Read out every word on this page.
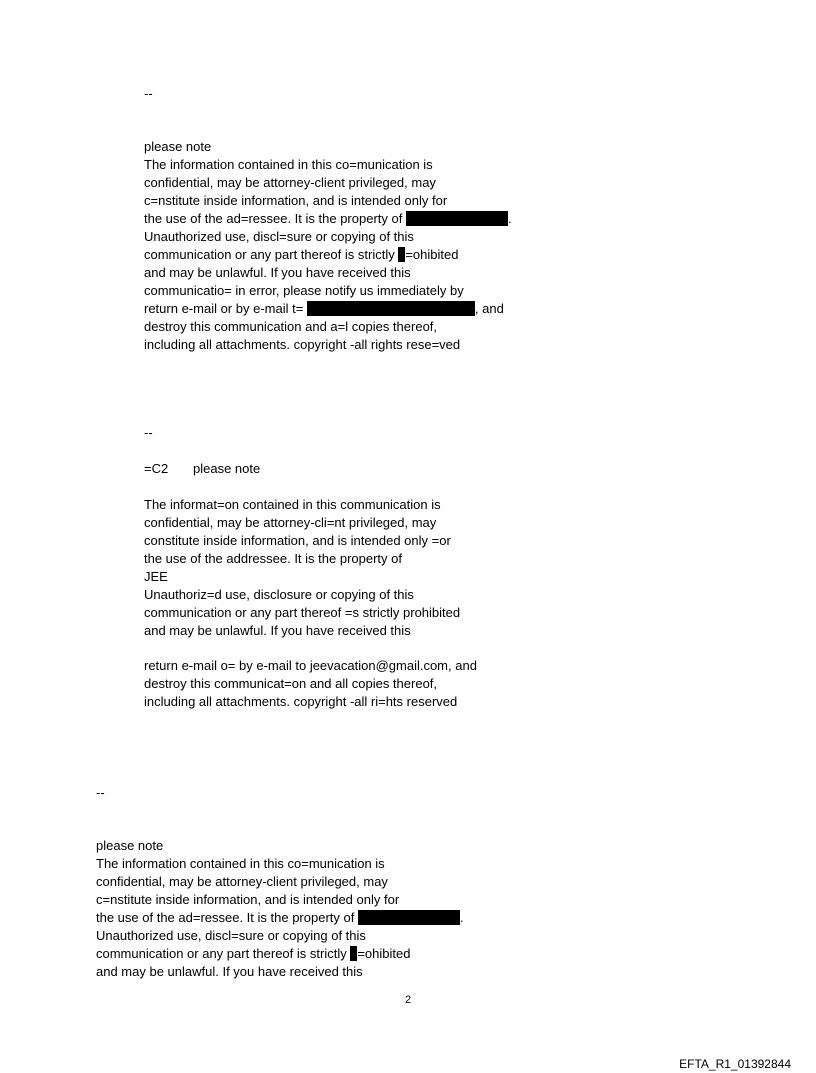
--
please note
The information contained in this co=munication is
confidential, may be attorney-client privileged, may
c=nstitute inside information, and is intended only for
the use of the ad=ressee. It is the property of	.
Unauthorized use, discl=sure or copying of this
communication or any part thereof is strictly =ohibited
and may be unlawful. If you have received this
communicatio= in error, please notify us immediately by
return e-mail or by e-mail t=	, and
destroy this communication and a=l copies thereof,
including all attachments. copyright -all rights rese=ved
--
=C2 please note
The informat=on contained in this communication is
confidential, may be attorney-cli=nt privileged, may
constitute inside information, and is intended only =or
the use of the addressee. It is the property of
JEE
Unauthoriz=d use, disclosure or copying of this
communication or any part thereof =s strictly prohibited
and may be unlawful. If you have received this
return e-mail o= by e-mail to jeevacation@gmail.com, and
destroy this communicat=on and all copies thereof,
including all attachments. copyright -all ri=hts reserved
--
please note
The information contained in this co=munication is
confidential, may be attorney-client privileged, may
c=nstitute inside information, and is intended only for
the use of the ad=ressee. It is the property of	.
Unauthorized use, discl=sure or copying of this
communication or any part thereof is strictly =ohibited
and may be unlawful. If you have received this
2
EFTA_R1_01392844
